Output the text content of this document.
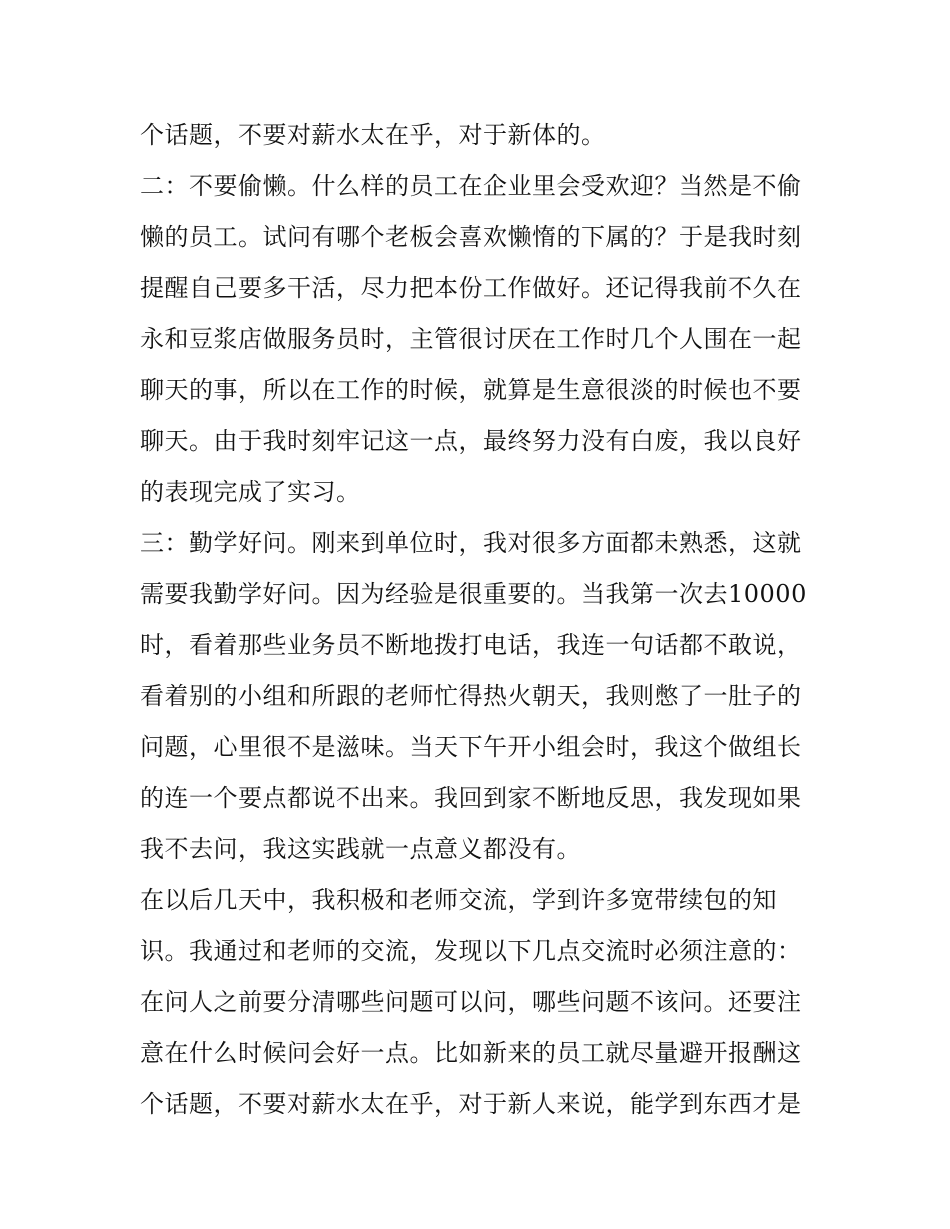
个话题，不要对薪水太在乎，对于新体的。
二：不要偷懒。什么样的员工在企业里会受欢迎？当然是不偷
懒的员工。试问有哪个老板会喜欢懒惰的下属的？于是我时刻
提醒自己要多干活，尽力把本份工作做好。还记得我前不久在
永和豆浆店做服务员时，主管很讨厌在工作时几个人围在一起
聊天的事，所以在工作的时候，就算是生意很淡的时候也不要
聊天。由于我时刻牢记这一点，最终努力没有白废，我以良好
的表现完成了实习。
三：勤学好问。刚来到单位时，我对很多方面都未熟悉，这就
需要我勤学好问。因为经验是很重要的。当我第一次去10000
时，看着那些业务员不断地拨打电话，我连一句话都不敢说，
看着别的小组和所跟的老师忙得热火朝天，我则憋了一肚子的
问题，心里很不是滋味。当天下午开小组会时，我这个做组长
的连一个要点都说不出来。我回到家不断地反思，我发现如果
我不去问，我这实践就一点意义都没有。
在以后几天中，我积极和老师交流，学到许多宽带续包的知
识。我通过和老师的交流，发现以下几点交流时必须注意的：
在问人之前要分清哪些问题可以问，哪些问题不该问。还要注
意在什么时候问会好一点。比如新来的员工就尽量避开报酬这
个话题，不要对薪水太在乎，对于新人来说，能学到东西才是
